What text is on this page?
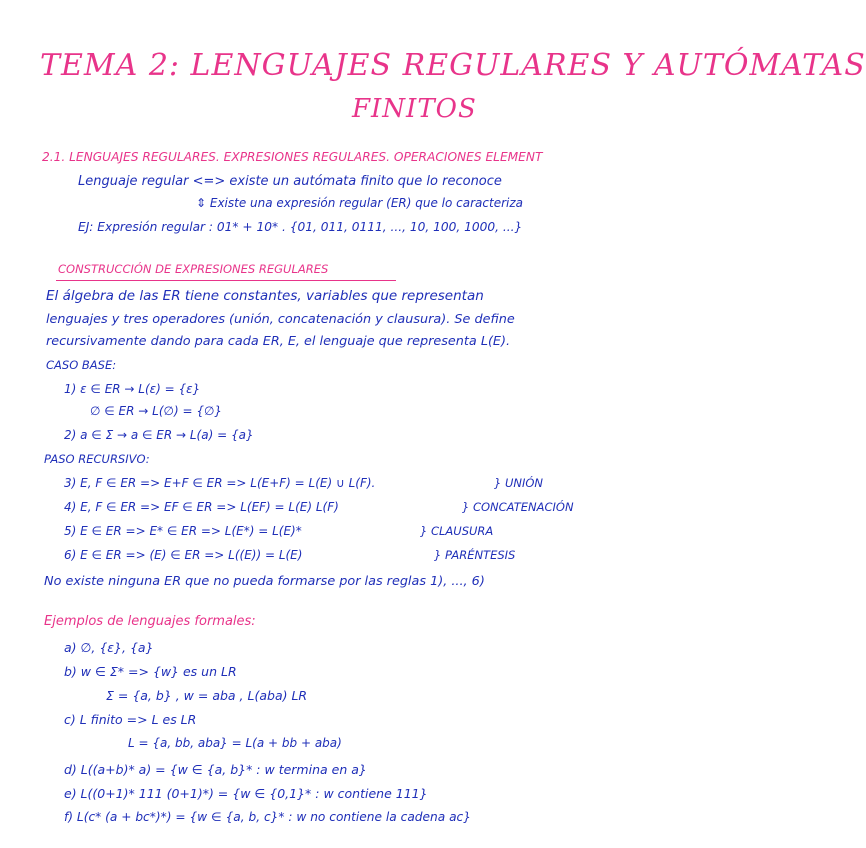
TEMA 2: LENGUAJES REGULARES Y AUTÓMATAS
FINITOS
2.1. LENGUAJES REGULARES. EXPRESIONES REGULARES. OPERACIONES ELEMENT
Lenguaje regular <=> existe un autómata finito que lo reconoce
⇕ Existe una expresión regular (ER) que lo caracteriza
EJ: Expresión regular : 01* + 10* . {01, 011, 0111, ..., 10, 100, 1000, ...}
CONSTRUCCIÓN DE EXPRESIONES REGULARES
El álgebra de las ER tiene constantes, variables que representan
lenguajes y tres operadores (unión, concatenación y clausura). Se define
recursivamente dando para cada ER, E, el lenguaje que representa L(E).
CASO BASE:
1) ε ∈ ER → L(ε) = {ε}
∅ ∈ ER → L(∅) = {∅}
2) a ∈ Σ → a ∈ ER → L(a) = {a}
PASO RECURSIVO:
3) E, F ∈ ER => E+F ∈ ER => L(E+F) = L(E) ∪ L(F).	} UNIÓN
4) E, F ∈ ER => EF ∈ ER => L(EF) = L(E) L(F)	} CONCATENACIÓN
5) E ∈ ER => E* ∈ ER => L(E*) = L(E)*	} CLAUSURA
6) E ∈ ER => (E) ∈ ER => L((E)) = L(E)	} PARÉNTESIS
No existe ninguna ER que no pueda formarse por las reglas 1), ..., 6)
Ejemplos de lenguajes formales:
a) ∅, {ε}, {a}
b) w ∈ Σ* => {w} es un LR
Σ = {a, b} , w = aba , L(aba) LR
c) L finito => L es LR
L = {a, bb, aba} = L(a + bb + aba)
d) L((a+b)* a) = {w ∈ {a, b}* : w termina en a}
e) L((0+1)* 111 (0+1)*) = {w ∈ {0,1}* : w contiene 111}
f) L(c* (a + bc*)*) = {w ∈ {a, b, c}* : w no contiene la cadena ac}
